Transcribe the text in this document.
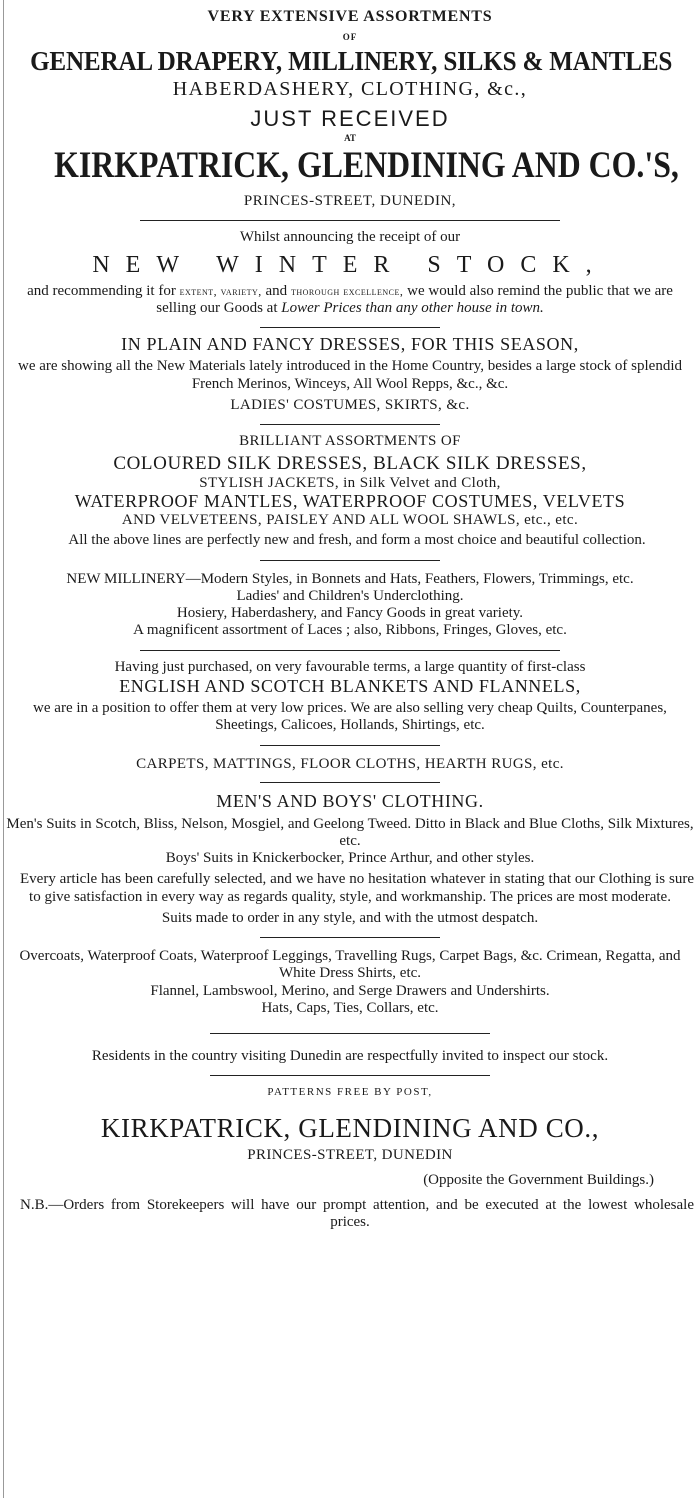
VERY EXTENSIVE ASSORTMENTS

OF

GENERAL DRAPERY, MILLINERY, SILKS & MANTLES

HABERDASHERY, CLOTHING, &c.,

JUST RECEIVED

AT

KIRKPATRICK, GLENDINING AND CO.'S,

PRINCES-STREET, DUNEDIN,

Whilst announcing the receipt of our

NEW WINTER STOCK,

and recommending it for extent, variety, and thorough excellence, we would also remind the public that we are selling our Goods at Lower Prices than any other house in town.

IN PLAIN AND FANCY DRESSES, FOR THIS SEASON,

we are showing all the New Materials lately introduced in the Home Country, besides a large stock of splendid French Merinos, Winceys, All Wool Repps, &c., &c.

LADIES' COSTUMES, SKIRTS, &c.

BRILLIANT ASSORTMENTS OF

COLOURED SILK DRESSES, BLACK SILK DRESSES,

STYLISH JACKETS, in Silk Velvet and Cloth,

WATERPROOF MANTLES, WATERPROOF COSTUMES, VELVETS

AND VELVETEENS, PAISLEY AND ALL WOOL SHAWLS, etc., etc.

All the above lines are perfectly new and fresh, and form a most choice and beautiful collection.

NEW MILLINERY—Modern Styles, in Bonnets and Hats, Feathers, Flowers, Trimmings, etc.

Ladies' and Children's Underclothing.

Hosiery, Haberdashery, and Fancy Goods in great variety.

A magnificent assortment of Laces ; also, Ribbons, Fringes, Gloves, etc.

Having just purchased, on very favourable terms, a large quantity of first-class

ENGLISH AND SCOTCH BLANKETS AND FLANNELS,

we are in a position to offer them at very low prices. We are also selling very cheap Quilts, Counterpanes, Sheetings, Calicoes, Hollands, Shirtings, etc.

CARPETS, MATTINGS, FLOOR CLOTHS, HEARTH RUGS, etc.

MEN'S AND BOYS' CLOTHING.

Men's Suits in Scotch, Bliss, Nelson, Mosgiel, and Geelong Tweed. Ditto in Black and Blue Cloths, Silk Mixtures, etc.

Boys' Suits in Knickerbocker, Prince Arthur, and other styles.

Every article has been carefully selected, and we have no hesitation whatever in stating that our Clothing is sure to give satisfaction in every way as regards quality, style, and workmanship. The prices are most moderate.

Suits made to order in any style, and with the utmost despatch.

Overcoats, Waterproof Coats, Waterproof Leggings, Travelling Rugs, Carpet Bags, &c. Crimean, Regatta, and White Dress Shirts, etc.

Flannel, Lambswool, Merino, and Serge Drawers and Undershirts.

Hats, Caps, Ties, Collars, etc.

Residents in the country visiting Dunedin are respectfully invited to inspect our stock.

PATTERNS FREE BY POST,

KIRKPATRICK, GLENDINING AND CO.,

PRINCES-STREET, DUNEDIN

(Opposite the Government Buildings.)

N.B.—Orders from Storekeepers will have our prompt attention, and be executed at the lowest wholesale prices.
